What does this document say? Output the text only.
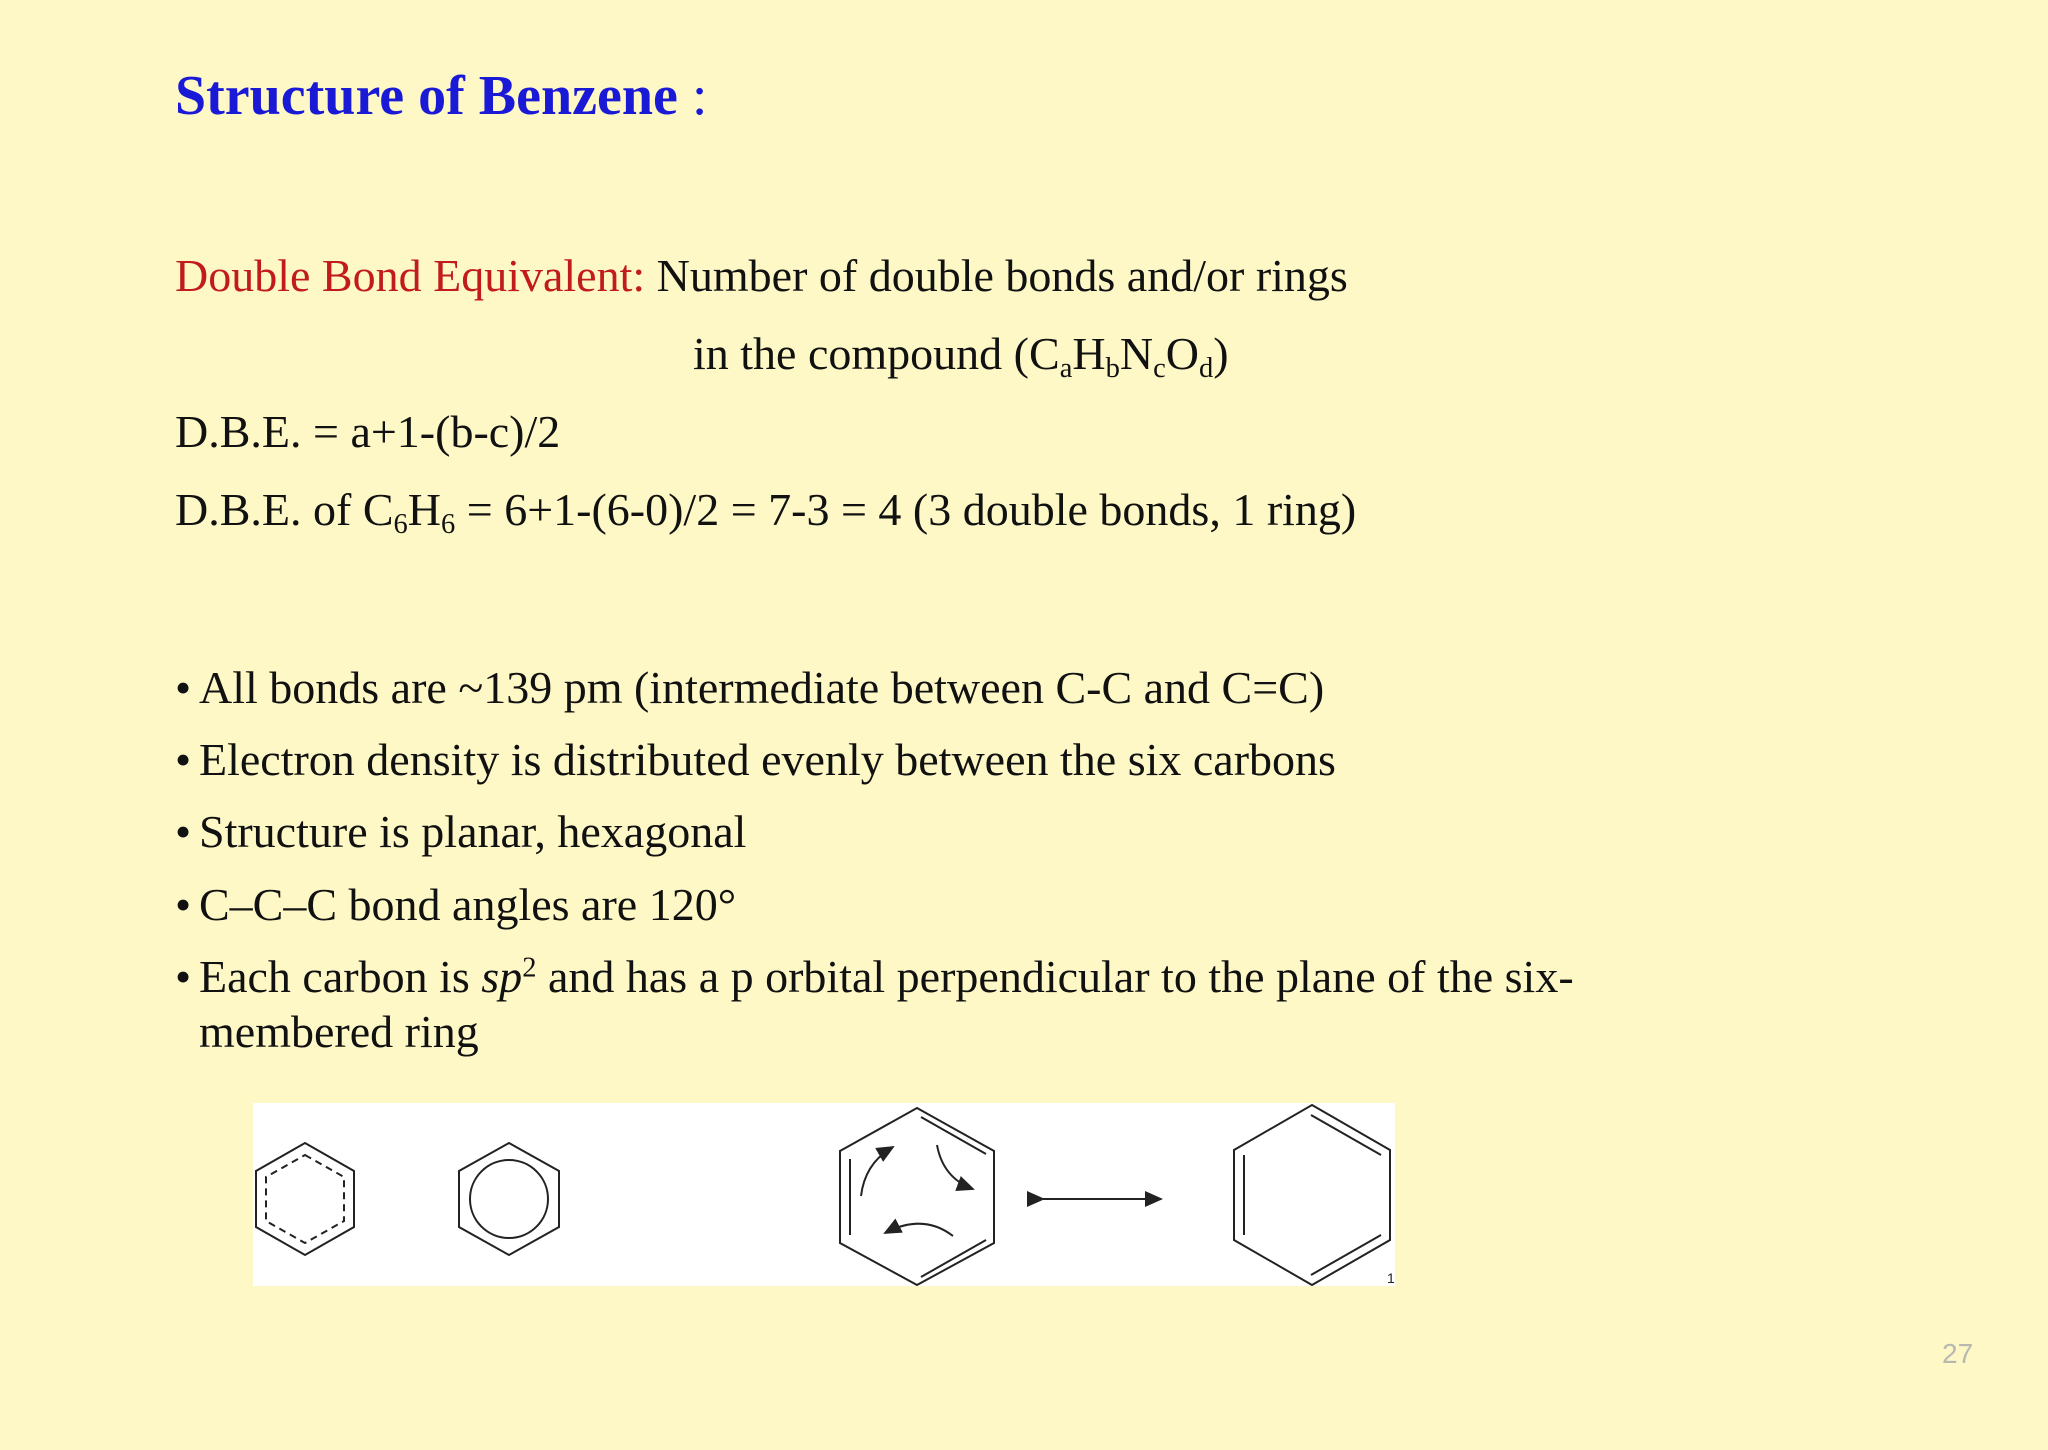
Structure of Benzene :
Double Bond Equivalent: Number of double bonds and/or rings
in the compound $(C_aH_bN_cO_d)$
D.B.E. = a+1-(b-c)/2
D.B.E. of $C_6H_6 = 6+1-(6-0)/2 = 7-3 = 4$ (3 double bonds, 1 ring)
• All bonds are ~139 pm (intermediate between C-C and C=C)
• Electron density is distributed evenly between the six carbons
• Structure is planar, hexagonal
• C–C–C bond angles are 120°
• Each carbon is $sp^2$ and has a p orbital perpendicular to the plane of the six-membered ring
1
27
